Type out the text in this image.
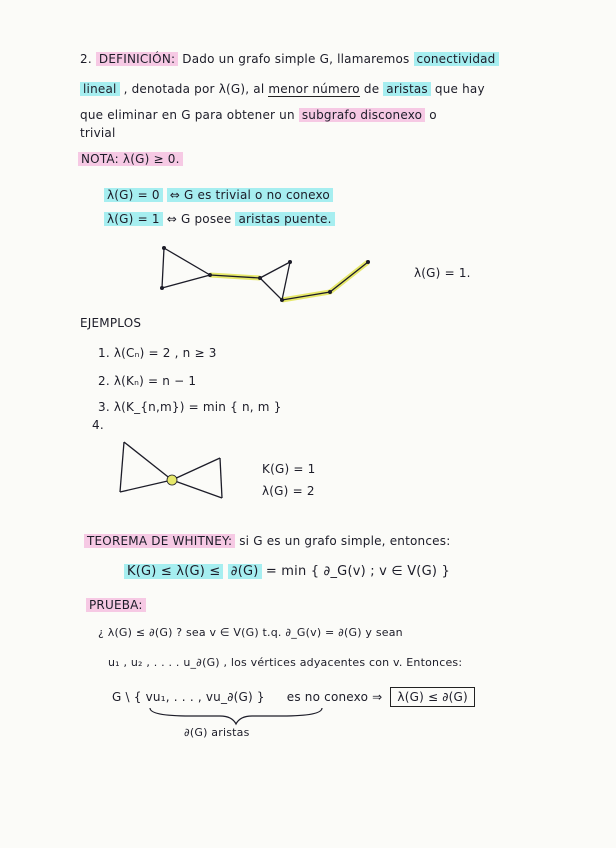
2. DEFINICIÓN: Dado un grafo simple G, llamaremos conectividad
lineal , denotada por λ(G), al menor número de aristas que hay
que eliminar en G para obtener un subgrafo disconexo o
trivial
NOTA: λ(G) ≥ 0.
λ(G) = 0 ⇔ G es trivial o no conexo
λ(G) = 1 ⇔ G posee aristas puente.
λ(G) = 1.
EJEMPLOS
1. λ(Cₙ) = 2 , n ≥ 3
2. λ(Kₙ) = n − 1
3. λ(K_{n,m}) = min { n, m }
4.
K(G) = 1
λ(G) = 2
TEOREMA DE WHITNEY: si G es un grafo simple, entonces:
K(G) ≤ λ(G) ≤ ∂(G) = min { ∂_G(v) ; v ∈ V(G) }
PRUEBA:
¿ λ(G) ≤ ∂(G) ? sea v ∈ V(G) t.q. ∂_G(v) = ∂(G) y sean
u₁ , u₂ , . . . . u_∂(G) , los vértices adyacentes con v. Entonces:
G \ { vu₁, . . . , vu_∂(G) } es no conexo ⇒ λ(G) ≤ ∂(G)
∂(G) aristas
